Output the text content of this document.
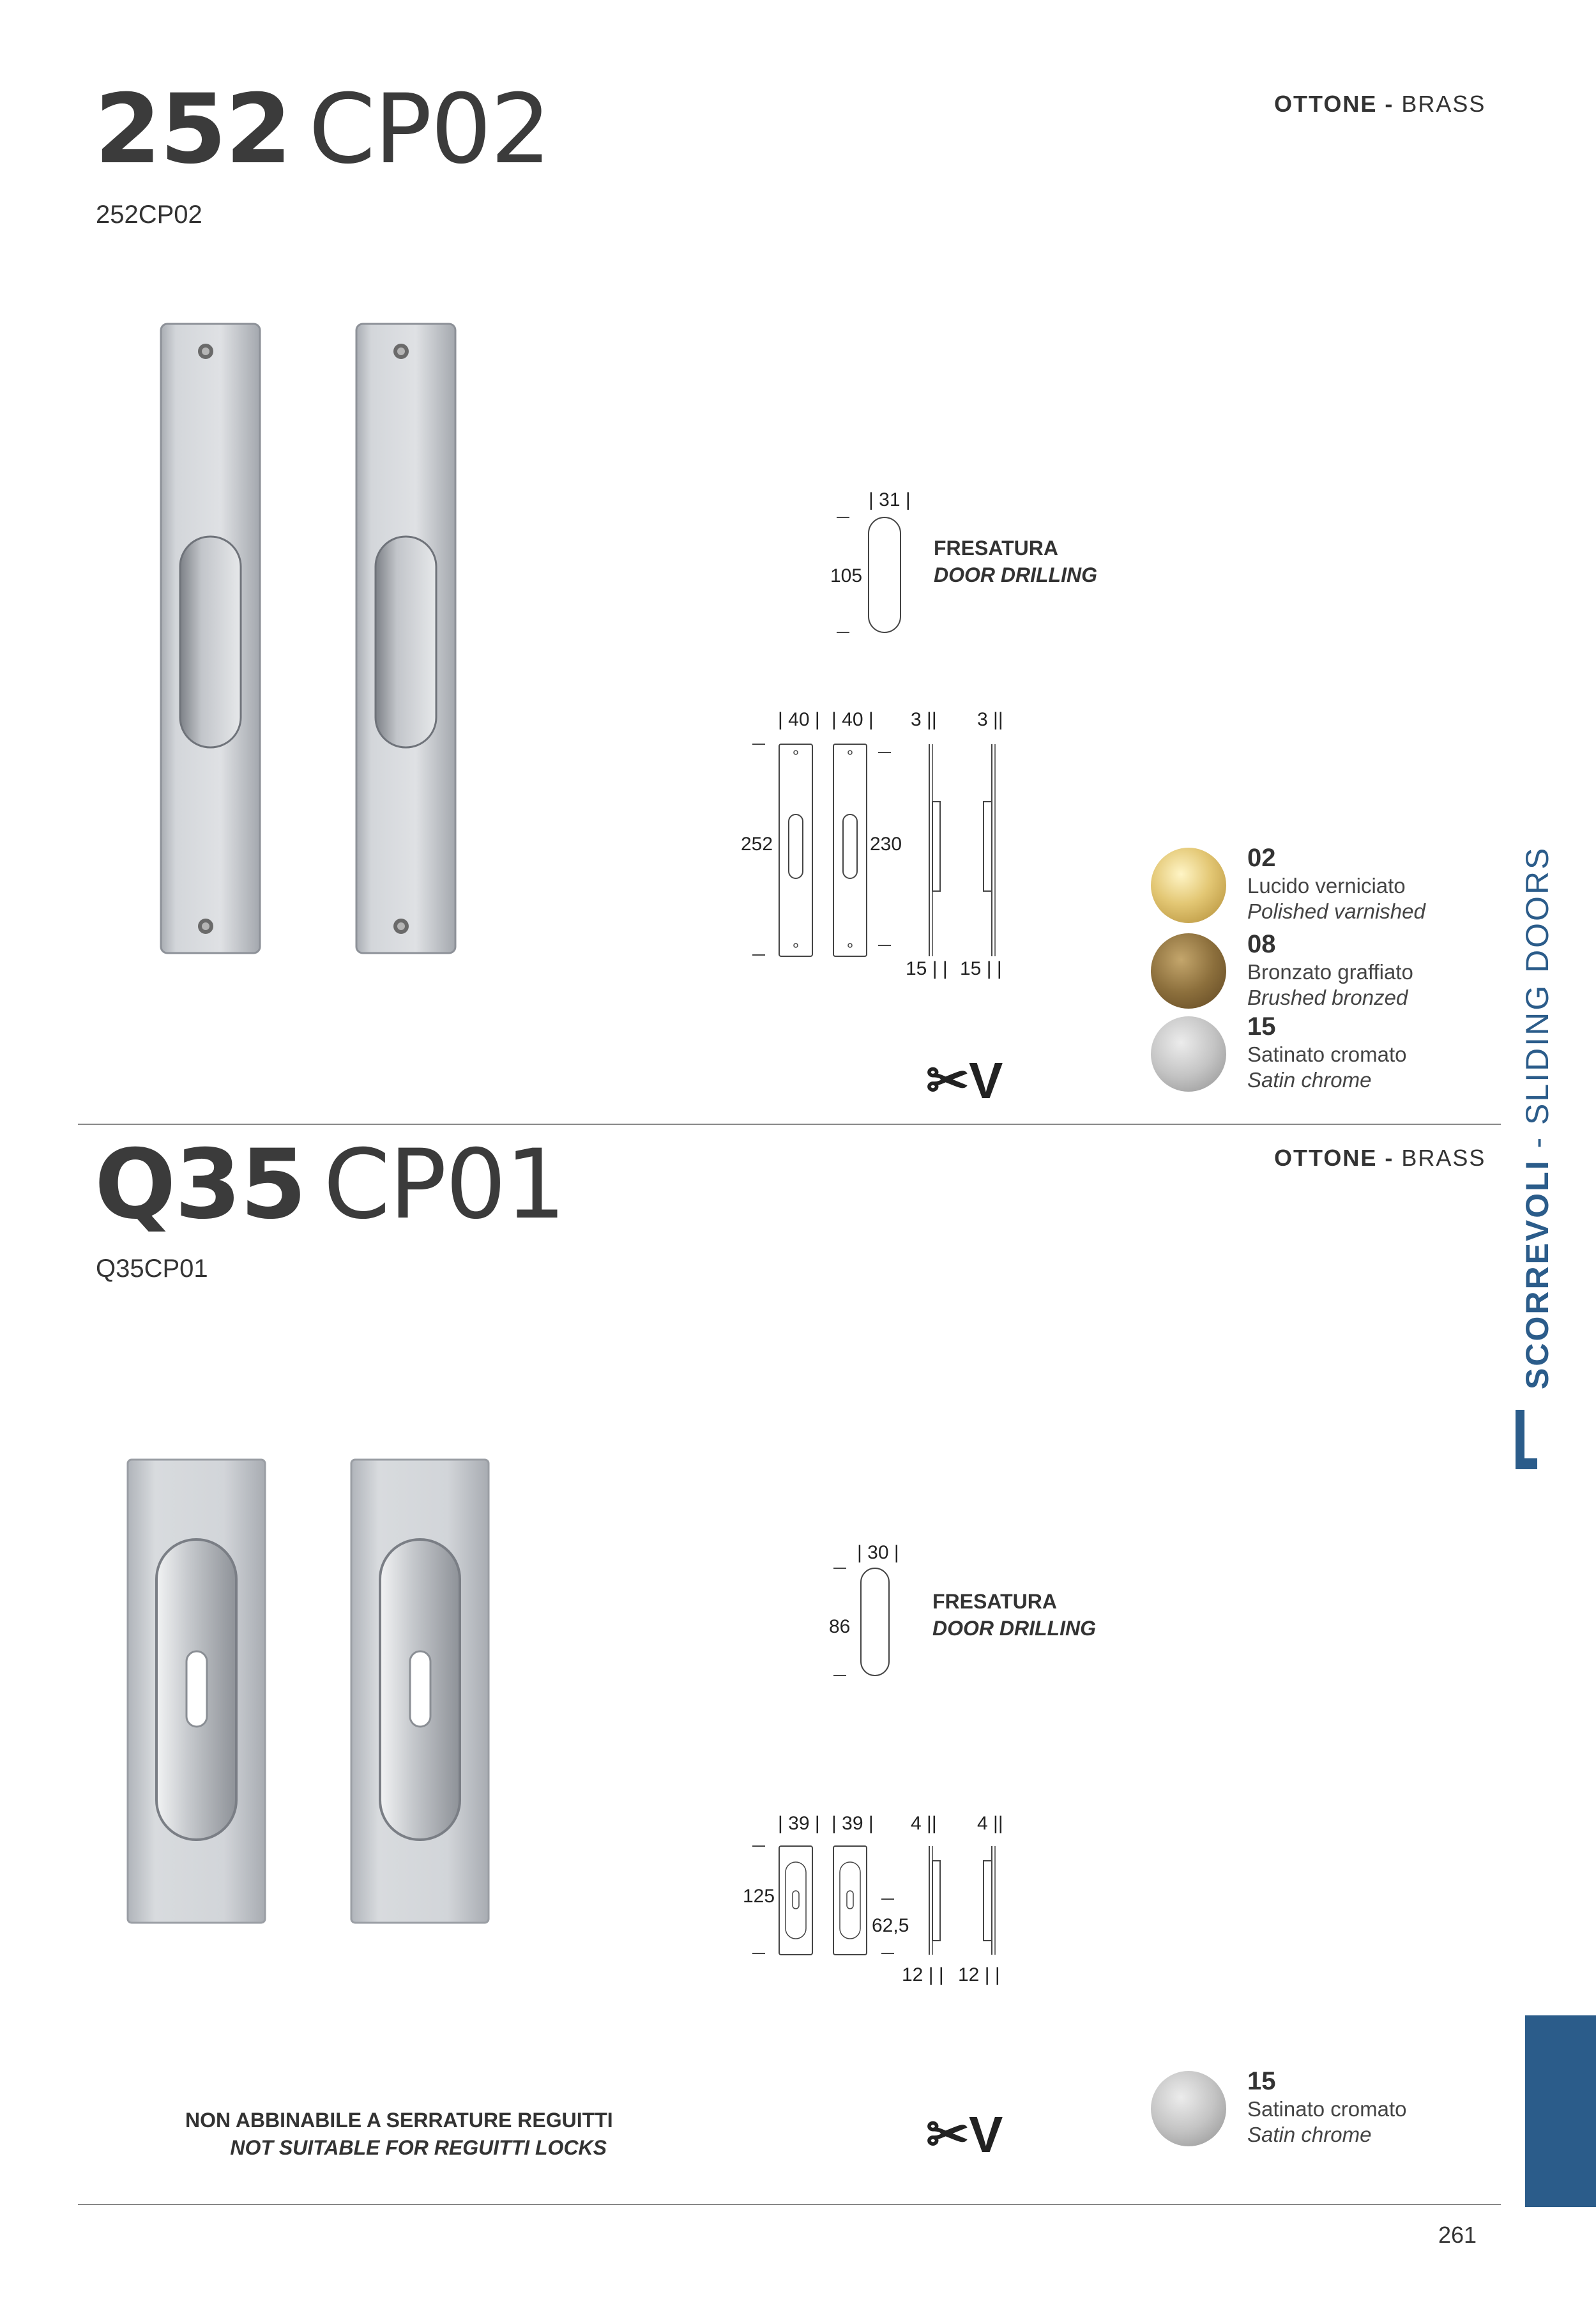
252 CP02
252CP02
OTTONE - BRASS
| 31 |
105
FRESATURA
DOOR DRILLING
| 40 | | 40 | 3 || 3 ||
252	230
15 | | 15 | |
✂V
02
Lucido verniciato
Polished varnished
08
Bronzato graffiato
Brushed bronzed
15
Satinato cromato
Satin chrome
Q35 CP01
Q35CP01
OTTONE - BRASS
| 30 |
86
FRESATURA
DOOR DRILLING
| 39 | | 39 | 4 || 4 ||
125
62,5
12 | | 12 | |
NON ABBINABILE A SERRATURE REGUITTI
NOT SUITABLE FOR REGUITTI LOCKS	✂V
15
Satinato cromato
Satin chrome
SCORREVOLI - SLIDING DOORS
261
